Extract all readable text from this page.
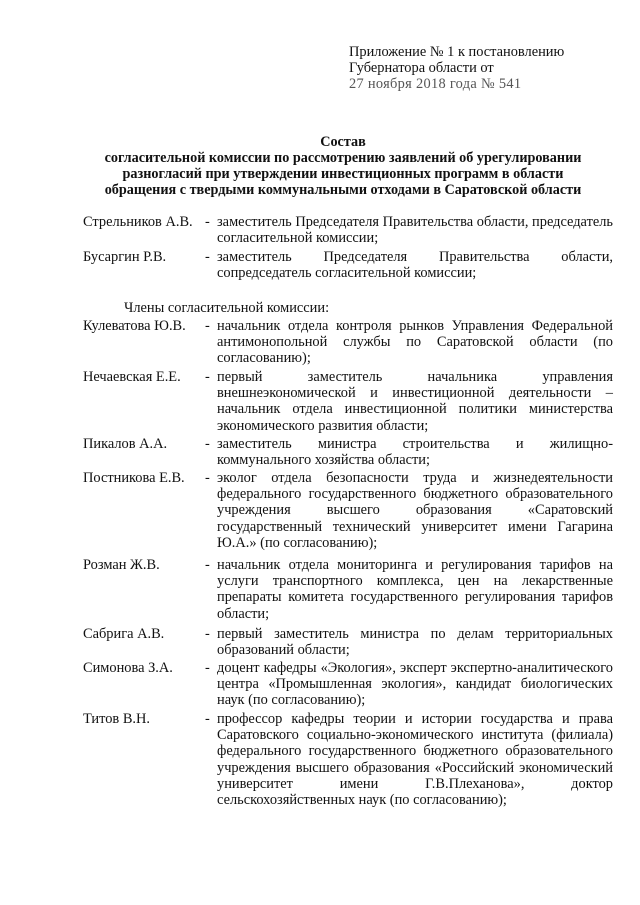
Приложение № 1 к постановлению
Губернатора области от
27 ноября 2018 года № 541
Состав
согласительной комиссии по рассмотрению заявлений об урегулировании
разногласий при утверждении инвестиционных программ в области
обращения с твердыми коммунальными отходами в Саратовской области
Стрельников А.В. - заместитель Председателя Правительства области, председатель согласительной комиссии;
Бусаргин Р.В.	- заместитель Председателя Правительства области, сопредседатель согласительной комиссии;
Члены согласительной комиссии:
Кулеватова Ю.В.	- начальник отдела контроля рынков Управления Федеральной антимонопольной службы по Саратовской области (по согласованию);
Нечаевская Е.Е.	- первый заместитель начальника управления внешнеэкономической и инвестиционной деятельности – начальник отдела инвестиционной политики министерства экономического развития области;
Пикалов А.А.	- заместитель министра строительства и жилищно-коммунального хозяйства области;
Постникова Е.В.	- эколог отдела безопасности труда и жизнедеятельности федерального государственного бюджетного образовательного учреждения высшего образования «Саратовский государственный технический университет имени Гагарина Ю.А.» (по согласованию);
Розман Ж.В.	- начальник отдела мониторинга и регулирования тарифов на услуги транспортного комплекса, цен на лекарственные препараты комитета государственного регулирования тарифов области;
Сабрига А.В.	- первый заместитель министра по делам территориальных образований области;
Симонова З.А.	- доцент кафедры «Экология», эксперт экспертно-аналитического центра «Промышленная экология», кандидат биологических наук (по согласованию);
Титов В.Н.	- профессор кафедры теории и истории государства и права Саратовского социально-экономического института (филиала) федерального государственного бюджетного образовательного учреждения высшего образования «Российский экономический университет имени Г.В.Плеханова», доктор сельскохозяйственных наук (по согласованию);
